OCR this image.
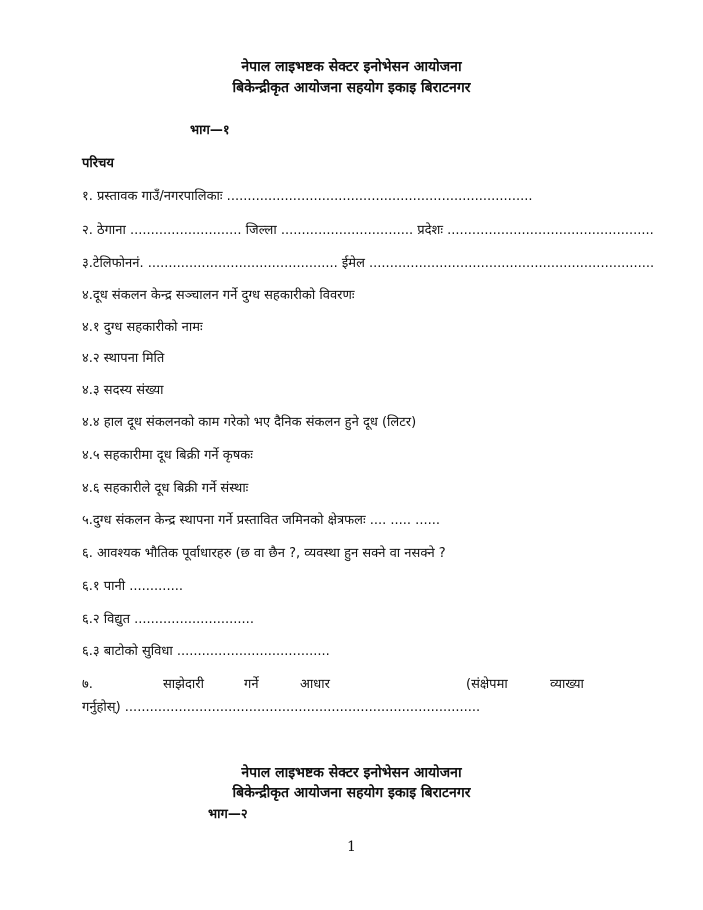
नेपाल लाइभष्टक सेक्टर इनोभेसन आयोजना
बिकेन्द्रीकृत आयोजना सहयोग इकाइ बिराटनगर
भाग—१
परिचय
१. प्रस्तावक गाउँ/नगरपालिकाः ..........................................................................
२. ठेगाना ........................... जिल्ला ................................ प्रदेशः ..................................................
३.टेलिफोननं. .............................................. ईमेल .....................................................................
४.दूध संकलन केन्द्र सञ्चालन गर्ने दुग्ध सहकारीको विवरणः
४.१ दुग्ध सहकारीको नामः
४.२ स्थापना मिति
४.३ सदस्य संख्या
४.४ हाल दूध संकलनको काम गरेको भए दैनिक संकलन हुने दूध (लिटर)
४.५ सहकारीमा दूध बिक्री गर्ने कृषकः
४.६ सहकारीले दूध बिक्री गर्ने संस्थाः
५.दुग्ध संकलन केन्द्र स्थापना गर्ने प्रस्तावित जमिनको क्षेत्रफलः .... ..... ......
६. आवश्यक भौतिक पूर्वाधारहरु (छ वा छैन ?, व्यवस्था हुन सक्ने वा नसक्ने ?
६.१ पानी .............
६.२ विद्युत .............................
६.३ बाटोको सुविधा .....................................
७.	साझेदारी	गर्ने	आधार	(संक्षेपमा	व्याख्या
गर्नुहोस्) ......................................................................................
नेपाल लाइभष्टक सेक्टर इनोभेसन आयोजना
बिकेन्द्रीकृत आयोजना सहयोग इकाइ बिराटनगर
भाग—२
1
